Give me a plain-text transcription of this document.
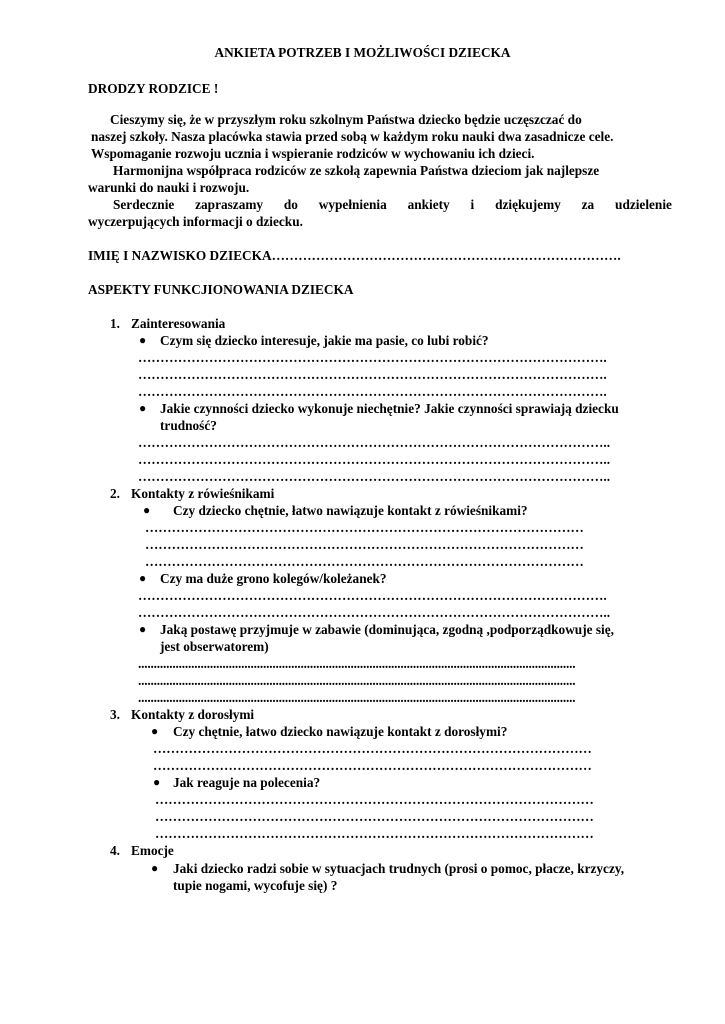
ANKIETA POTRZEB I MOŻLIWOŚCI DZIECKA
DRODZY RODZICE !
Cieszymy się, że w przyszłym roku szkolnym Państwa dziecko będzie uczęszczać do
naszej szkoły. Nasza placówka stawia przed sobą w każdym roku nauki dwa zasadnicze cele.
Wspomaganie rozwoju ucznia i wspieranie rodziców w wychowaniu ich dzieci.
Harmonijna współpraca rodziców ze szkołą zapewnia Państwa dzieciom jak najlepsze
warunki do nauki i rozwoju.
Serdecznie zapraszamy do wypełnienia ankiety i dziękujemy za udzielenie
wyczerpujących informacji o dziecku.
IMIĘ I NAZWISKO DZIECKA…………………………………………………………………….
ASPEKTY FUNKCJIONOWANIA DZIECKA
1. Zainteresowania
● Czym się dziecko interesuje, jakie ma pasie, co lubi robić?
…………………………………………………………………………………………….
…………………………………………………………………………………………….
…………………………………………………………………………………………….
● Jakie czynności dziecko wykonuje niechętnie? Jakie czynności sprawiają dziecku
trudność?
……………………………………………………………………………………………..
……………………………………………………………………………………………..
……………………………………………………………………………………………..
2. Kontakty z rówieśnikami
● Czy dziecko chętnie, łatwo nawiązuje kontakt z rówieśnikami?
………………………………………………………………………………………
………………………………………………………………………………………
………………………………………………………………………………………
● Czy ma duże grono kolegów/koleżanek?
…………………………………………………………………………………………….
……………………………………………………………………………………………..
● Jaką postawę przyjmuje w zabawie (dominująca, zgodną ,podporządkowuje się,
jest obserwatorem)
............................................................................................................................................
............................................................................................................................................
............................................................................................................................................
3. Kontakty z dorosłymi
● Czy chętnie, łatwo dziecko nawiązuje kontakt z dorosłymi?
………………………………………………………………………………………
………………………………………………………………………………………
● Jak reaguje na polecenia?
………………………………………………………………………………………
………………………………………………………………………………………
………………………………………………………………………………………
4. Emocje
● Jaki dziecko radzi sobie w sytuacjach trudnych (prosi o pomoc, płacze, krzyczy,
tupie nogami, wycofuje się) ?
